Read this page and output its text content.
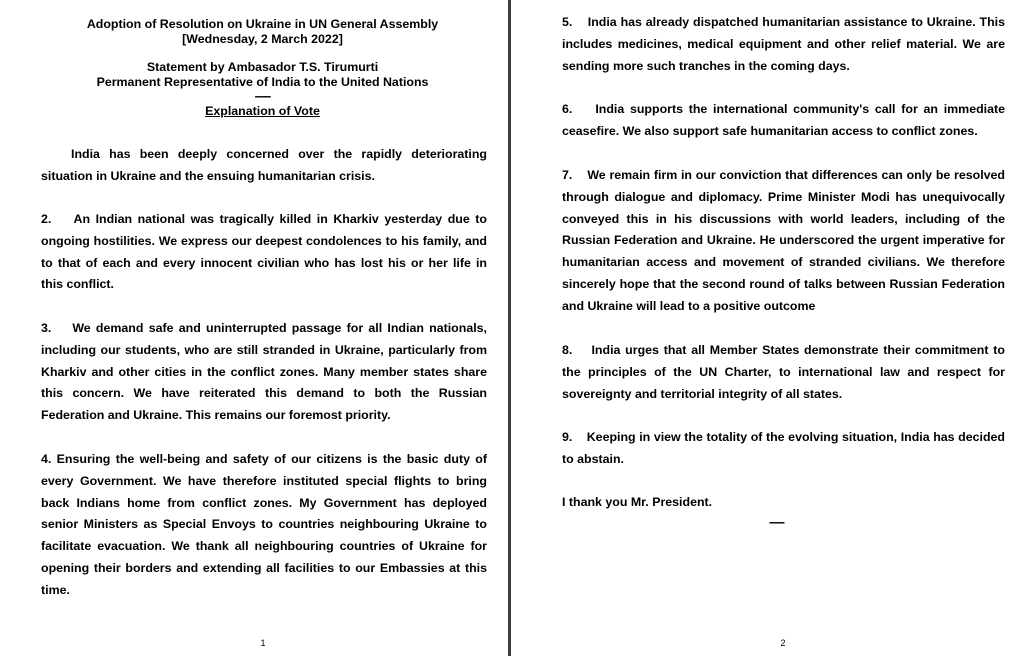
Adoption of Resolution on Ukraine in UN General Assembly
[Wednesday, 2 March 2022]
Statement by Ambasador T.S. Tirumurti
Permanent Representative of India to the United Nations
-----
Explanation of Vote

India has been deeply concerned over the rapidly deteriorating situation in Ukraine and the ensuing humanitarian crisis.

2.    An Indian national was tragically killed in Kharkiv yesterday due to ongoing hostilities. We express our deepest condolences to his family, and to that of each and every innocent civilian who has lost his or her life in this conflict.

3.    We demand safe and uninterrupted passage for all Indian nationals, including our students, who are still stranded in Ukraine, particularly from Kharkiv and other cities in the conflict zones. Many member states share this concern. We have reiterated this demand to both the Russian Federation and Ukraine. This remains our foremost priority.

4. Ensuring the well-being and safety of our citizens is the basic duty of every Government. We have therefore instituted special flights to bring back Indians home from conflict zones. My Government has deployed senior Ministers as Special Envoys to countries neighbouring Ukraine to facilitate evacuation. We thank all neighbouring countries of Ukraine for opening their borders and extending all facilities to our Embassies at this time.

1

5.    India has already dispatched humanitarian assistance to Ukraine. This includes medicines, medical equipment and other relief material. We are sending more such tranches in the coming days.

6.    India supports the international community's call for an immediate ceasefire. We also support safe humanitarian access to conflict zones.

7.    We remain firm in our conviction that differences can only be resolved through dialogue and diplomacy. Prime Minister Modi has unequivocally conveyed this in his discussions with world leaders, including of the Russian Federation and Ukraine. He underscored the urgent imperative for humanitarian access and movement of stranded civilians. We therefore sincerely hope that the second round of talks between Russian Federation and Ukraine will lead to a positive outcome

8.    India urges that all Member States demonstrate their commitment to the principles of the UN Charter, to international law and respect for sovereignty and territorial integrity of all states.

9.    Keeping in view the totality of the evolving situation, India has decided to abstain.

I thank you Mr. President.

-----
2
